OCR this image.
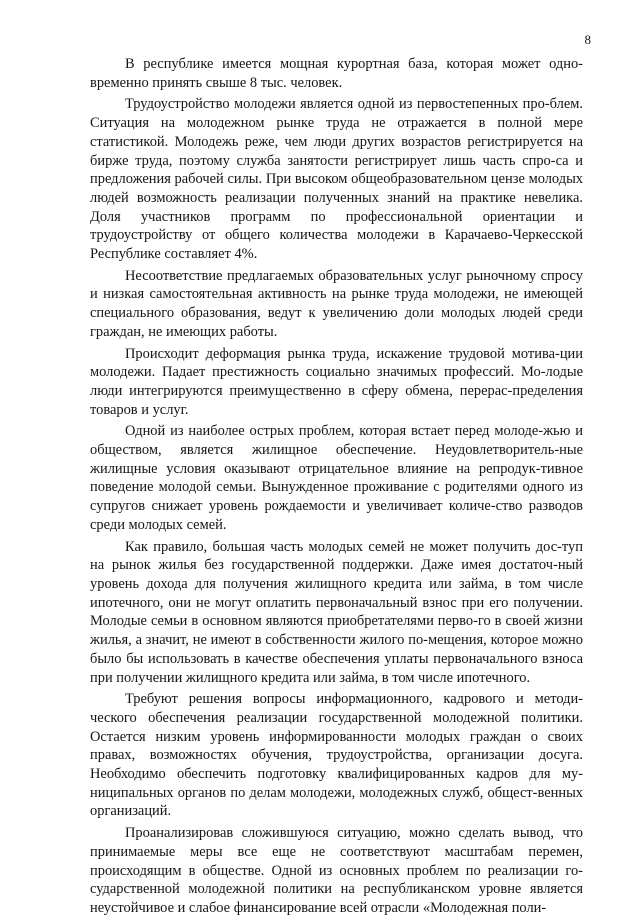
8

В республике имеется мощная курортная база, которая может одно-временно принять свыше 8 тыс. человек.

Трудоустройство молодежи является одной из первостепенных про-блем. Ситуация на молодежном рынке труда не отражается в полной мере статистикой. Молодежь реже, чем люди других возрастов регистрируется на бирже труда, поэтому служба занятости регистрирует лишь часть спро-са и предложения рабочей силы. При высоком общеобразовательном цензе молодых людей возможность реализации полученных знаний на практике невелика. Доля участников программ по профессиональной ориентации и трудоустройству от общего количества молодежи в Карачаево-Черкесской Республике составляет 4%.

Несоответствие предлагаемых образовательных услуг рыночному спросу и низкая самостоятельная активность на рынке труда молодежи, не имеющей специального образования, ведут к увеличению доли молодых людей среди граждан, не имеющих работы.

Происходит деформация рынка труда, искажение трудовой мотива-ции молодежи. Падает престижность социально значимых профессий. Мо-лодые люди интегрируются преимущественно в сферу обмена, перерас-пределения товаров и услуг.

Одной из наиболее острых проблем, которая встает перед молоде-жью и обществом, является жилищное обеспечение. Неудовлетворитель-ные жилищные условия оказывают отрицательное влияние на репродук-тивное поведение молодой семьи. Вынужденное проживание с родителями одного из супругов снижает уровень рождаемости и увеличивает количе-ство разводов среди молодых семей.

Как правило, большая часть молодых семей не может получить дос-туп на рынок жилья без государственной поддержки. Даже имея достаточ-ный уровень дохода для получения жилищного кредита или займа, в том числе ипотечного, они не могут оплатить первоначальный взнос при его получении. Молодые семьи в основном являются приобретателями перво-го в своей жизни жилья, а значит, не имеют в собственности жилого по-мещения, которое можно было бы использовать в качестве обеспечения уплаты первоначального взноса при получении жилищного кредита или займа, в том числе ипотечного.

Требуют решения вопросы информационного, кадрового и методи-ческого обеспечения реализации государственной молодежной политики. Остается низким уровень информированности молодых граждан о своих правах, возможностях обучения, трудоустройства, организации досуга. Необходимо обеспечить подготовку квалифицированных кадров для му-ниципальных органов по делам молодежи, молодежных служб, общест-венных организаций.

Проанализировав сложившуюся ситуацию, можно сделать вывод, что принимаемые меры все еще не соответствуют масштабам перемен, происходящим в обществе. Одной из основных проблем по реализации го-сударственной молодежной политики на республиканском уровне является неустойчивое и слабое финансирование всей отрасли «Молодежная поли-
